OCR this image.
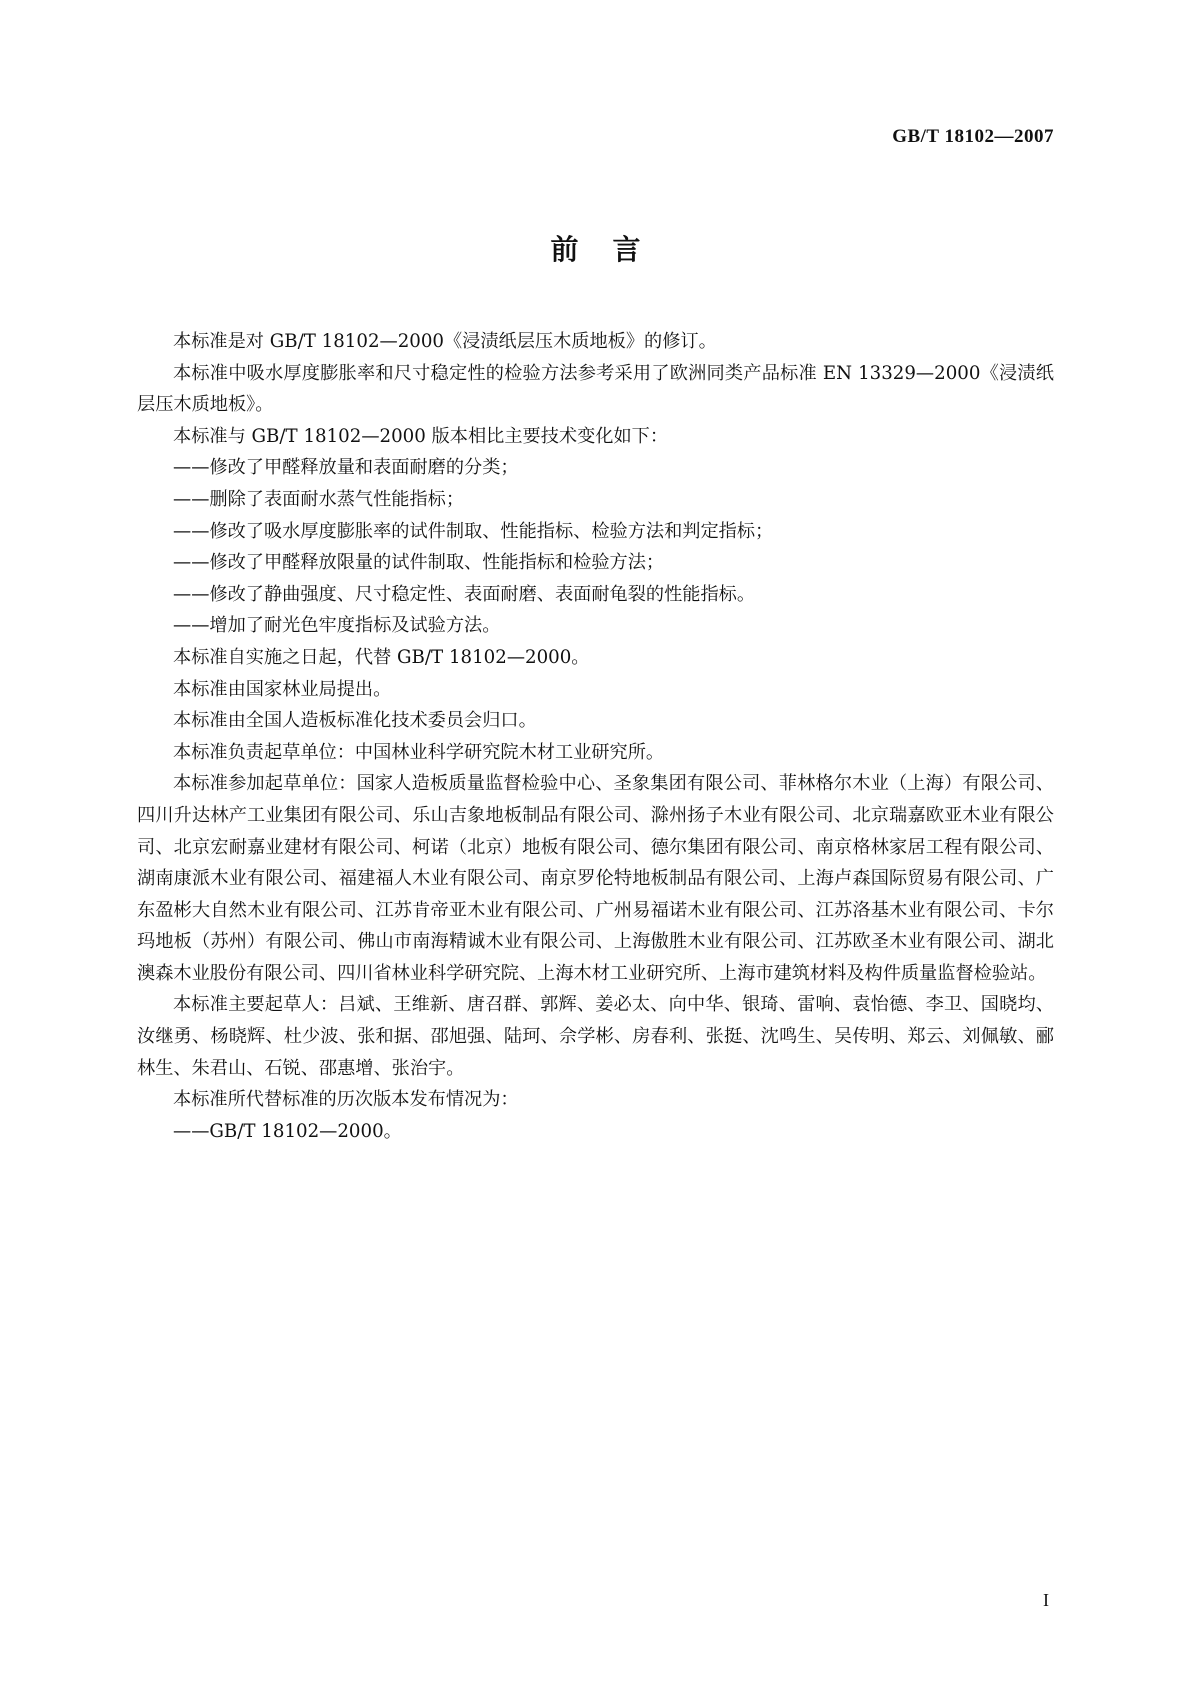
GB/T 18102—2007
前言

本标准是对 GB/T 18102—2000《浸渍纸层压木质地板》的修订。

本标准中吸水厚度膨胀率和尺寸稳定性的检验方法参考采用了欧洲同类产品标准 EN 13329—2000《浸渍纸层压木质地板》。

本标准与 GB/T 18102—2000 版本相比主要技术变化如下：

——修改了甲醛释放量和表面耐磨的分类；

——删除了表面耐水蒸气性能指标；

——修改了吸水厚度膨胀率的试件制取、性能指标、检验方法和判定指标；

——修改了甲醛释放限量的试件制取、性能指标和检验方法；

——修改了静曲强度、尺寸稳定性、表面耐磨、表面耐龟裂的性能指标。

——增加了耐光色牢度指标及试验方法。

本标准自实施之日起，代替 GB/T 18102—2000。

本标准由国家林业局提出。

本标准由全国人造板标准化技术委员会归口。

本标准负责起草单位：中国林业科学研究院木材工业研究所。

本标准参加起草单位：国家人造板质量监督检验中心、圣象集团有限公司、菲林格尔木业（上海）有限公司、四川升达林产工业集团有限公司、乐山吉象地板制品有限公司、滁州扬子木业有限公司、北京瑞嘉欧亚木业有限公司、北京宏耐嘉业建材有限公司、柯诺（北京）地板有限公司、德尔集团有限公司、南京格林家居工程有限公司、湖南康派木业有限公司、福建福人木业有限公司、南京罗伦特地板制品有限公司、上海卢森国际贸易有限公司、广东盈彬大自然木业有限公司、江苏肯帝亚木业有限公司、广州易福诺木业有限公司、江苏洛基木业有限公司、卡尔玛地板（苏州）有限公司、佛山市南海精诚木业有限公司、上海傲胜木业有限公司、江苏欧圣木业有限公司、湖北澳森木业股份有限公司、四川省林业科学研究院、上海木材工业研究所、上海市建筑材料及构件质量监督检验站。

本标准主要起草人：吕斌、王维新、唐召群、郭辉、姜必太、向中华、银琦、雷响、袁怡德、李卫、国晓均、汝继勇、杨晓辉、杜少波、张和据、邵旭强、陆珂、佘学彬、房春利、张挺、沈鸣生、吴传明、郑云、刘佩敏、郦林生、朱君山、石锐、邵惠增、张治宇。

本标准所代替标准的历次版本发布情况为：

——GB/T 18102—2000。

I
